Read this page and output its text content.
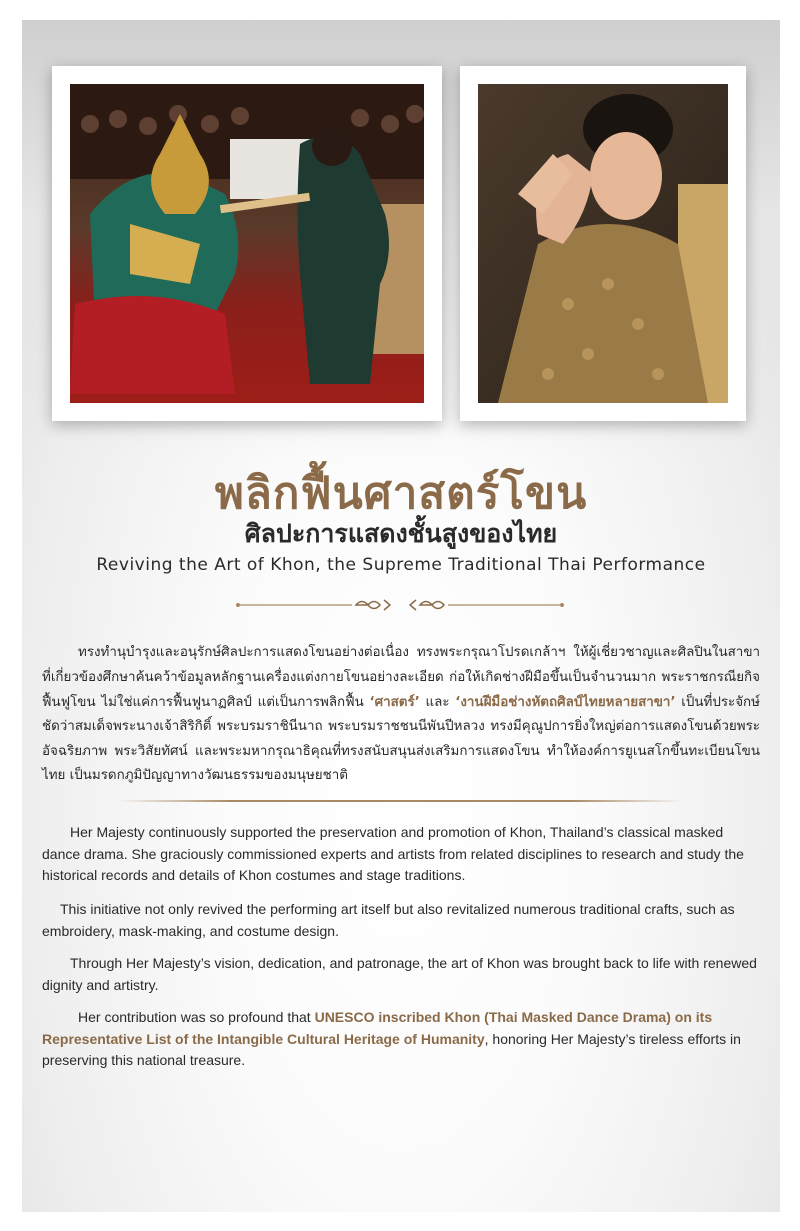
พลิกฟื้นศาสตร์โขน
ศิลปะการแสดงชั้นสูงของไทย
Reviving the Art of Khon, the Supreme Traditional Thai Performance

ทรงทำนุบำรุงและอนุรักษ์ศิลปะการแสดงโขนอย่างต่อเนื่อง ทรงพระกรุณาโปรดเกล้าฯ ให้ผู้เชี่ยวชาญและศิลปินในสาขาที่เกี่ยวข้องศึกษาค้นคว้าข้อมูลหลักฐานเครื่องแต่งกายโขนอย่างละเอียด ก่อให้เกิดช่างฝีมือขึ้นเป็นจำนวนมาก พระราชกรณียกิจฟื้นฟูโขน ไม่ใช่แค่การฟื้นฟูนาฏศิลป์ แต่เป็นการพลิกฟื้น ‘ศาสตร์’ และ ‘งานฝีมือช่างหัตถศิลป์ไทยหลายสาขา’ เป็นที่ประจักษ์ชัดว่าสมเด็จพระนางเจ้าสิริกิติ์ พระบรมราชินีนาถ พระบรมราชชนนีพันปีหลวง ทรงมีคุณูปการยิ่งใหญ่ต่อการแสดงโขนด้วยพระอัจฉริยภาพ พระวิสัยทัศน์ และพระมหากรุณาธิคุณที่ทรงสนับสนุนส่งเสริมการแสดงโขน ทำให้องค์การยูเนสโกขึ้นทะเบียนโขนไทย เป็นมรดกภูมิปัญญาทางวัฒนธรรมของมนุษยชาติ

Her Majesty continuously supported the preservation and promotion of Khon, Thailand’s classical masked dance drama. She graciously commissioned experts and artists from related disciplines to research and study the historical records and details of Khon costumes and stage traditions.

This initiative not only revived the performing art itself but also revitalized numerous traditional crafts, such as embroidery, mask-making, and costume design.

Through Her Majesty’s vision, dedication, and patronage, the art of Khon was brought back to life with renewed dignity and artistry.

Her contribution was so profound that UNESCO inscribed Khon (Thai Masked Dance Drama) on its Representative List of the Intangible Cultural Heritage of Humanity, honoring Her Majesty’s tireless efforts in preserving this national treasure.
